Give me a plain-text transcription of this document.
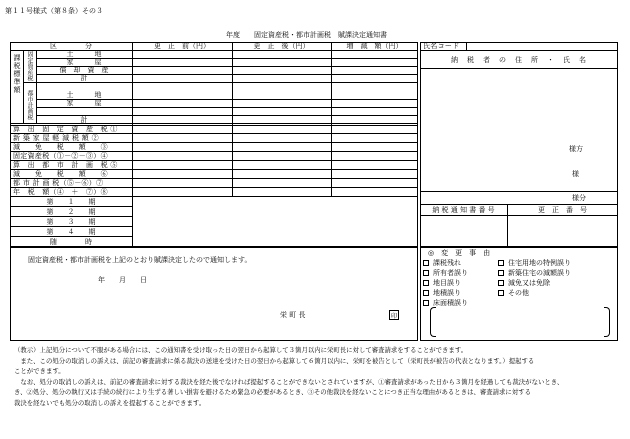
第１１号様式（第８条）その３
年度　　固定資産税・都市計画税　賦課決定通知書
区　　　　分	更　正　前（円）	更　正　後（円）	増　減　額（円）
課税標準額 固定資産税
都市計画税
土　　　地
家　　　屋
償　却　資　産
計
土　　　地
家　　　屋
計
算　出　固　定　資　産　税 ①
新 築 家 屋 軽 減 税 額 ②
減　　免　　税　　額　　③
固定資産税（①－②－③）④
算　出　都　市　計　画　税 ⑤
減　　免　　税　　額　　⑥
都 市 計 画 税（⑤－⑥）⑦
年　税　額（④　＋　⑦）⑧
第　　１　　期
第　　２　　期
第　　３　　期
第　　４　　期
随　　　　時
氏名コード
納　税　者　の　住　所　・　氏　名
様方
様
様分
納 税 通 知 書 番 号	更　正　番　号
固定資産税・都市計画税を上記のとおり賦課決定したので通知します。
年　　月　　日
栄 町 長	印
◎　変　更　事　由
課税残れ
所有者誤り
地目誤り
地積誤り
床面積誤り
住宅用地の特例誤り
新築住宅の減額誤り
減免又は免除
その他
（教示）上記処分について不服がある場合には、この通知書を受け取った日の翌日から起算して３箇月以内に栄町長に対して審査請求をすることができます。
　また、この処分の取消しの訴えは、前記の審査請求に係る裁決の送達を受けた日の翌日から起算して６箇月以内に、栄町を被告として（栄町長が被告の代表となります。）提起する
ことができます。
　なお、処分の取消しの訴えは、前記の審査請求に対する裁決を経た後でなければ提起することができないとされていますが、①審査請求があった日から３箇月を経過しても裁決がないとき、
き、②処分、処分の執行又は手続の続行により生ずる著しい損害を避けるため緊急の必要があるとき、③その他裁決を経ないことにつき正当な理由があるときは、審査請求に対する
裁決を経ないでも処分の取消しの訴えを提起することができます。
